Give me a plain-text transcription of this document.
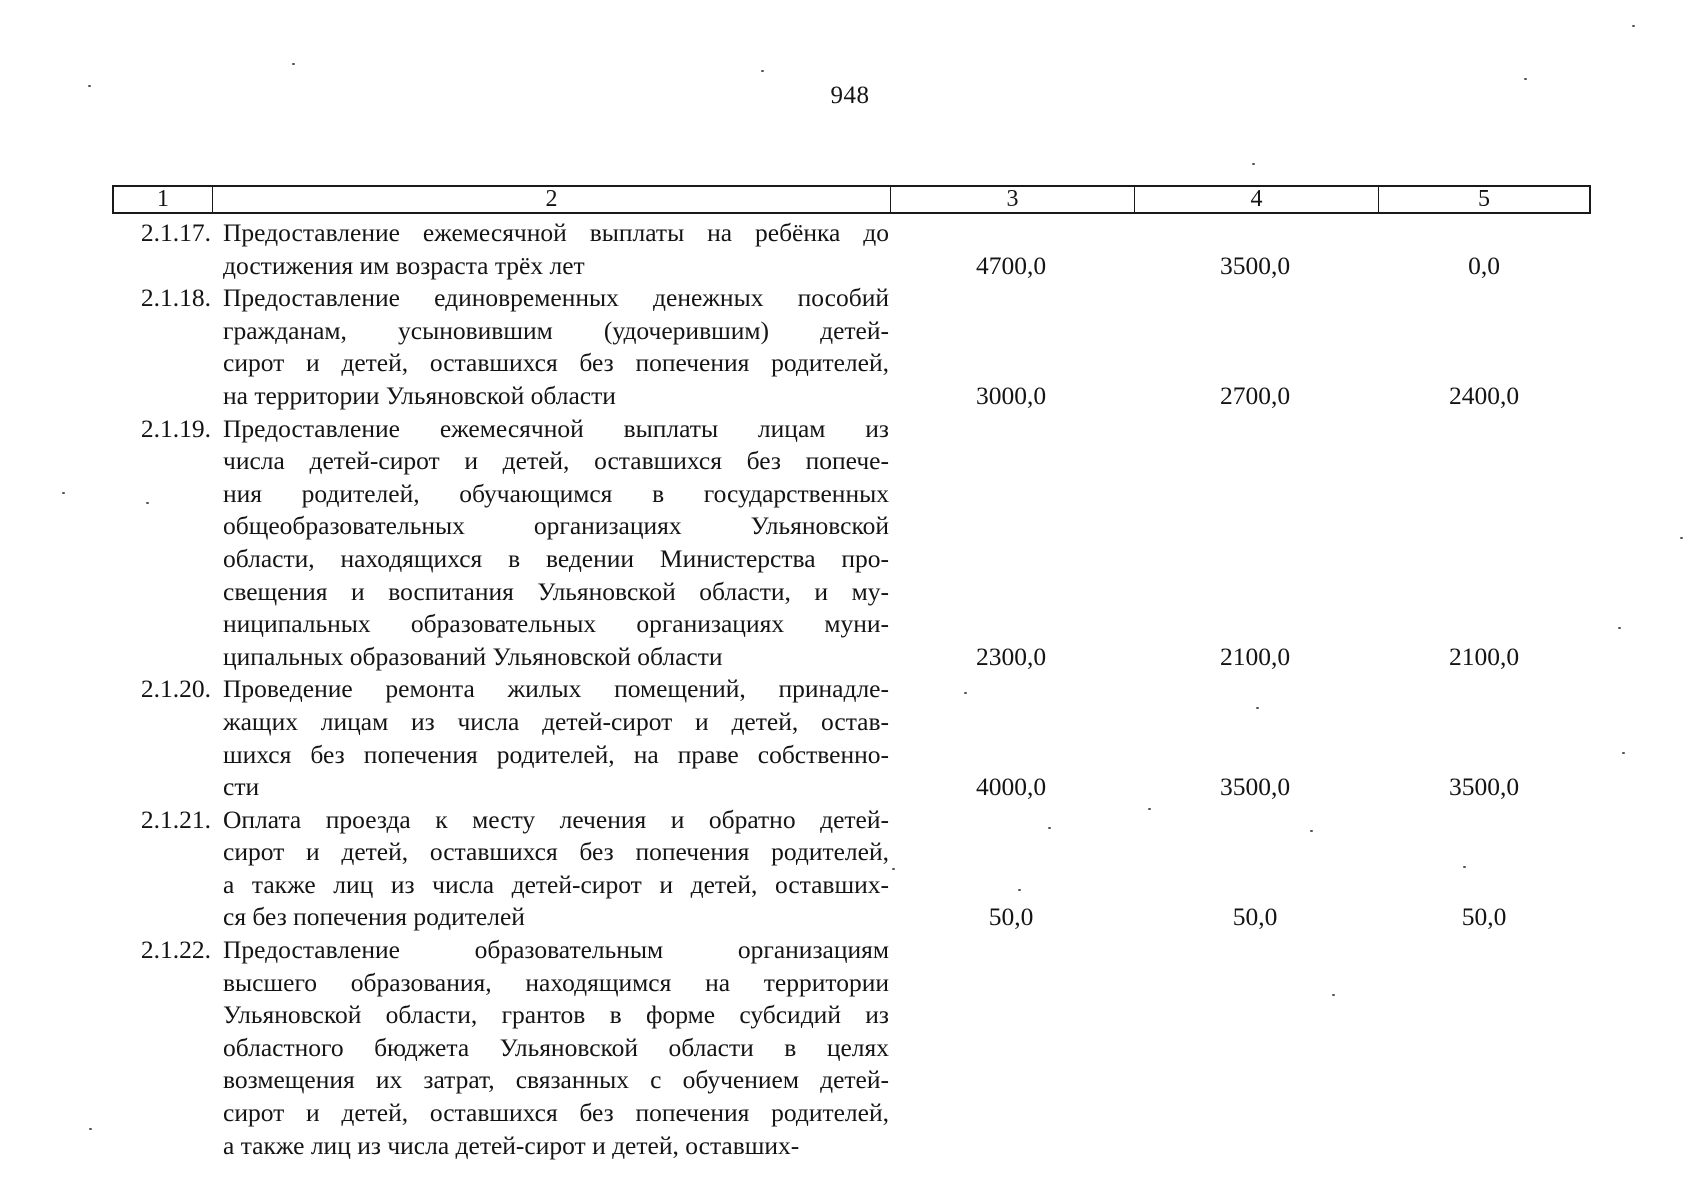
948
1	2	3	4	5
2.1.17. Предоставление ежемесячной выплаты на ребёнка до
достижения им возраста трёх лет	4700,0	3500,0	0,0
2.1.18. Предоставление единовременных денежных пособий
гражданам, усыновившим (удочерившим) детей-
сирот и детей, оставшихся без попечения родителей,
на территории Ульяновской области	3000,0	2700,0	2400,0
2.1.19. Предоставление ежемесячной выплаты лицам из
числа детей-сирот и детей, оставшихся без попече-
ния родителей, обучающимся в государственных
общеобразовательных организациях Ульяновской
области, находящихся в ведении Министерства про-
свещения и воспитания Ульяновской области, и му-
ниципальных образовательных организациях муни-
ципальных образований Ульяновской области	2300,0	2100,0	2100,0
2.1.20. Проведение ремонта жилых помещений, принадле-
жащих лицам из числа детей-сирот и детей, остав-
шихся без попечения родителей, на праве собственно-
сти	4000,0	3500,0	3500,0
2.1.21. Оплата проезда к месту лечения и обратно детей-
сирот и детей, оставшихся без попечения родителей,
а также лиц из числа детей-сирот и детей, оставших-
ся без попечения родителей	50,0	50,0	50,0
2.1.22. Предоставление образовательным организациям
высшего образования, находящимся на территории
Ульяновской области, грантов в форме субсидий из
областного бюджета Ульяновской области в целях
возмещения их затрат, связанных с обучением детей-
сирот и детей, оставшихся без попечения родителей,
а также лиц из числа детей-сирот и детей, оставших-
